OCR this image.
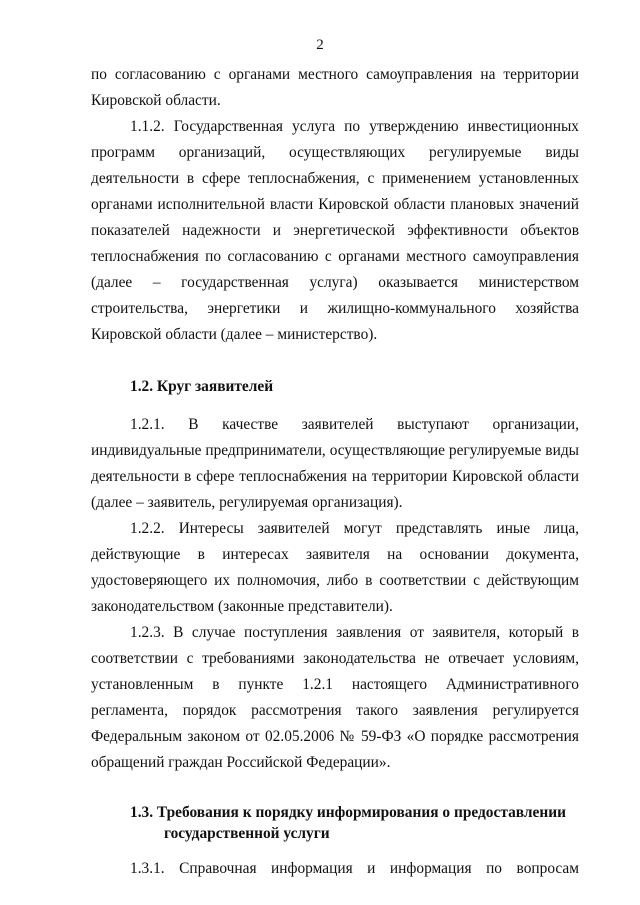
2

по согласованию с органами местного самоуправления на территории Кировской области.

1.1.2. Государственная услуга по утверждению инвестиционных программ организаций, осуществляющих регулируемые виды деятельности в сфере теплоснабжения, с применением установленных органами исполнительной власти Кировской области плановых значений показателей надежности и энергетической эффективности объектов теплоснабжения по согласованию с органами местного самоуправления (далее – государственная услуга) оказывается министерством строительства, энергетики и жилищно-коммунального хозяйства Кировской области (далее – министерство).

1.2. Круг заявителей

1.2.1. В качестве заявителей выступают организации, индивидуальные предприниматели, осуществляющие регулируемые виды деятельности в сфере теплоснабжения на территории Кировской области (далее – заявитель, регулируемая организация).

1.2.2. Интересы заявителей могут представлять иные лица, действующие в интересах заявителя на основании документа, удостоверяющего их полномочия, либо в соответствии с действующим законодательством (законные представители).

1.2.3. В случае поступления заявления от заявителя, который в соответствии с требованиями законодательства не отвечает условиям, установленным в пункте 1.2.1 настоящего Административного регламента, порядок рассмотрения такого заявления регулируется Федеральным законом от 02.05.2006 № 59-ФЗ «О порядке рассмотрения обращений граждан Российской Федерации».

1.3. Требования к порядку информирования о предоставлении государственной услуги

1.3.1. Справочная информация и информация по вопросам
